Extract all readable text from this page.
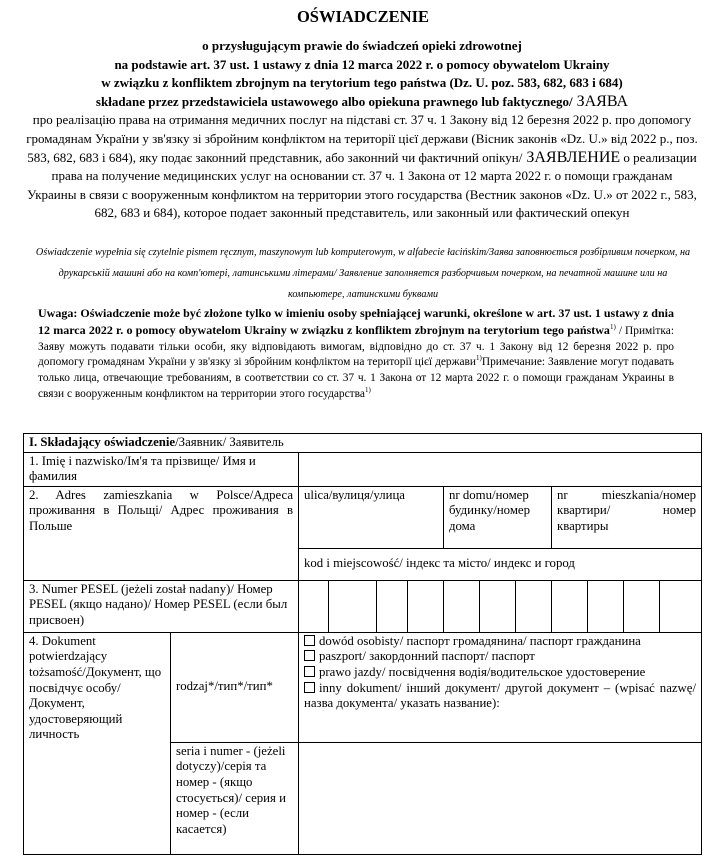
OŚWIADCZENIE
o przysługującym prawie do świadczeń opieki zdrowotnej
na podstawie art. 37 ust. 1 ustawy z dnia 12 marca 2022 r. o pomocy obywatelom Ukrainy
w związku z konfliktem zbrojnym na terytorium tego państwa (Dz. U. poz. 583, 682, 683 i 684)
składane przez przedstawiciela ustawowego albo opiekuna prawnego lub faktycznego/ ЗАЯВА
про реалізацію права на отримання медичних послуг на підставі ст. 37 ч. 1 Закону від 12 березня 2022 р. про допомогу громадянам України у зв'язку зі збройним конфліктом на території цієї держави (Вісник законів «Dz. U.» від 2022 р., поз. 583, 682, 683 і 684), яку подає законний представник, або законний чи фактичний опікун/ ЗАЯВЛЕНИЕ о реализации права на получение медицинских услуг на основании ст. 37 ч. 1 Закона от 12 марта 2022 г. о помощи гражданам Украины в связи с вооруженным конфликтом на территории этого государства (Вестник законов «Dz. U.» от 2022 г., 583, 682, 683 и 684), которое подает законный представитель, или законный или фактический опекун
Oświadczenie wypełnia się czytelnie pismem ręcznym, maszynowym lub komputerowym, w alfabecie łacińskim/Заява заповнюється розбірливим почерком, на друкарській машині або на комп'ютері, латинськими літерами/ Заявление заполняется разборчивым почерком, на печатной машине или на компьютере, латинскими буквами
Uwaga: Oświadczenie może być złożone tylko w imieniu osoby spełniającej warunki, określone w art. 37 ust. 1 ustawy z dnia 12 marca 2022 r. o pomocy obywatelom Ukrainy w związku z konfliktem zbrojnym na terytorium tego państwa$^{1)}$ / Примітка: Заяву можуть подавати тільки особи, яку відповідають вимогам, відповідно до ст. 37 ч. 1 Закону від 12 березня 2022 р. про допомогу громадянам України у зв'язку зі збройним конфліктом на території цієї держави$^{1)}$Примечание: Заявление могут подавать только лица, отвечающие требованиям, в соответствии со ст. 37 ч. 1 Закона от 12 марта 2022 г. о помощи гражданам Украины в связи с вооруженным конфликтом на территории этого государства$^{1)}$
I. Składający oświadczenie/Заявник/ Заявитель												
1. Imię i nazwisko/Ім'я та прізвище/ Имя и фамилия												
2. Adres zamieszkania w Polsce/Адреса проживання в Польщі/ Адрес проживания в Польше		ulica/вулиця/улица				nr domu/номер будинку/номер дома			nr mieszkania/номер квартири/ номер квартиры			
		kod i miejscowość/ індекс та місто/ индекс и город										
3. Numer PESEL (jeżeli został nadany)/ Номер PESEL (якщо надано)/ Номер PESEL (если был присвоен)												
4. Dokument potwierdzający tożsamość/Документ, що посвідчує особу/Документ, удостоверяющий личность	rodzaj*/тип*/тип*	dowód osobisty/ паспорт громадянина/ паспорт гражданина
paszport/ закордонний паспорт/ паспорт
prawo jazdy/ посвідчення водія/водительское удостоверение
inny dokument/ інший документ/ другой документ – (wpisać nazwę/ назва документа/ указать название):										

	seria i numer - (jeżeli dotyczy)/серія та номер - (якщо стосується)/ серия и номер - (если касается)											
